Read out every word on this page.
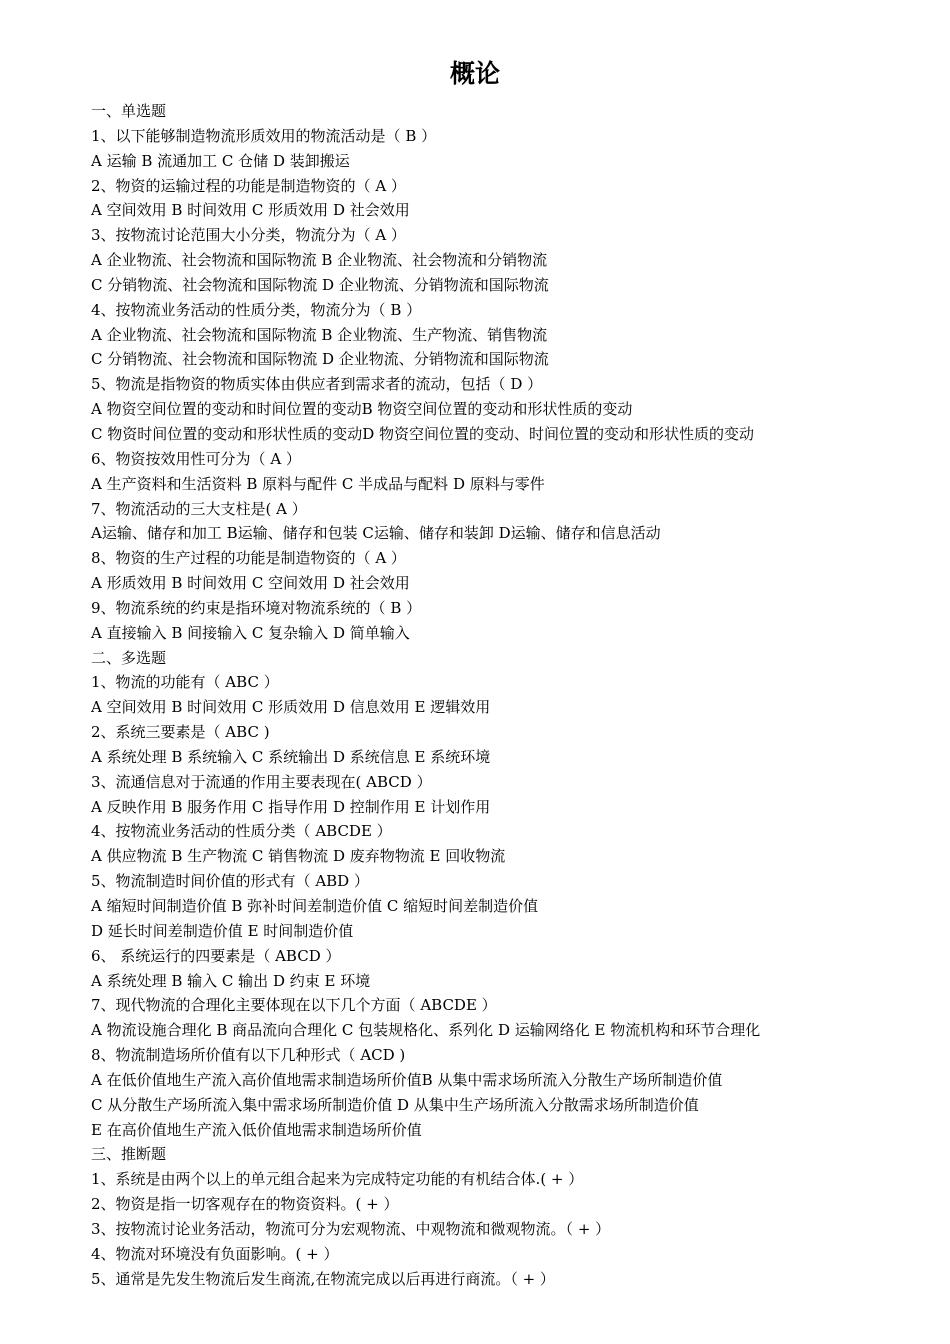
概论
一、单选题
1、以下能够制造物流形质效用的物流活动是（ B ）
A 运输 B 流通加工 C 仓储 D 装卸搬运
2、物资的运输过程的功能是制造物资的（ A ）
A 空间效用 B 时间效用 C 形质效用 D 社会效用
3、按物流讨论范围大小分类，物流分为（ A ）
A 企业物流、社会物流和国际物流 B 企业物流、社会物流和分销物流
C 分销物流、社会物流和国际物流 D 企业物流、分销物流和国际物流
4、按物流业务活动的性质分类，物流分为（ B ）
A 企业物流、社会物流和国际物流 B 企业物流、生产物流、销售物流
C 分销物流、社会物流和国际物流 D 企业物流、分销物流和国际物流
5、物流是指物资的物质实体由供应者到需求者的流动，包括（ D ）
A 物资空间位置的变动和时间位置的变动B 物资空间位置的变动和形状性质的变动
C 物资时间位置的变动和形状性质的变动D 物资空间位置的变动、时间位置的变动和形状性质的变动
6、物资按效用性可分为（ A ）
A 生产资料和生活资料 B 原料与配件 C 半成品与配料 D 原料与零件
7、物流活动的三大支柱是( A ）
A运输、储存和加工 B运输、储存和包装 C运输、储存和装卸 D运输、储存和信息活动
8、物资的生产过程的功能是制造物资的（ A ）
A 形质效用 B 时间效用 C 空间效用 D 社会效用
9、物流系统的约束是指环境对物流系统的（ B ）
A 直接输入 B 间接输入 C 复杂输入 D 简单输入
二、多选题
1、物流的功能有（ ABC ）
A 空间效用 B 时间效用 C 形质效用 D 信息效用 E 逻辑效用
2、系统三要素是（ ABC )
A 系统处理 B 系统输入 C 系统输出 D 系统信息 E 系统环境
3、流通信息对于流通的作用主要表现在( ABCD ）
A 反映作用 B 服务作用 C 指导作用 D 控制作用 E 计划作用
4、按物流业务活动的性质分类（ ABCDE ）
A 供应物流 B 生产物流 C 销售物流 D 废弃物物流 E 回收物流
5、物流制造时间价值的形式有（ ABD ）
A 缩短时间制造价值 B 弥补时间差制造价值 C 缩短时间差制造价值
D 延长时间差制造价值 E 时间制造价值
6、 系统运行的四要素是（ ABCD ）
A 系统处理 B 输入 C 输出 D 约束 E 环境
7、现代物流的合理化主要体现在以下几个方面（ ABCDE ）
A 物流设施合理化 B 商品流向合理化 C 包装规格化、系列化 D 运输网络化 E 物流机构和环节合理化
8、物流制造场所价值有以下几种形式（ ACD )
A 在低价值地生产流入高价值地需求制造场所价值B 从集中需求场所流入分散生产场所制造价值
C 从分散生产场所流入集中需求场所制造价值 D 从集中生产场所流入分散需求场所制造价值
E 在高价值地生产流入低价值地需求制造场所价值
三、推断题
1、系统是由两个以上的单元组合起来为完成特定功能的有机结合体.( + ）
2、物资是指一切客观存在的物资资料。( + ）
3、按物流讨论业务活动，物流可分为宏观物流、中观物流和微观物流。（ + ）
4、物流对环境没有负面影响。( + ）
5、通常是先发生物流后发生商流,在物流完成以后再进行商流。（ + ）
